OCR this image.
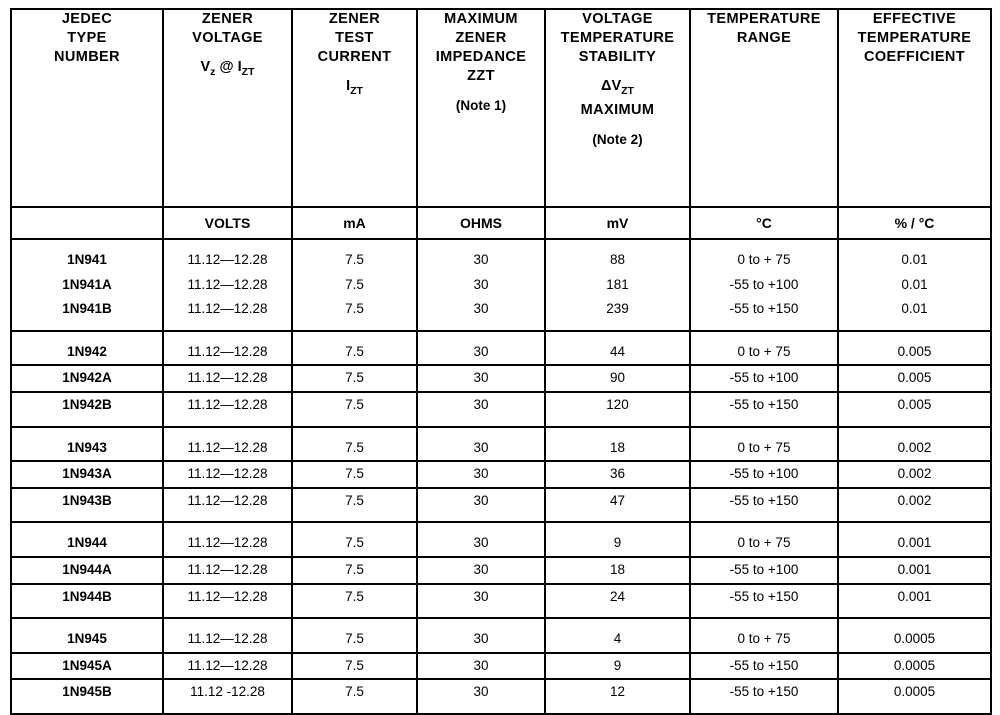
JEDEC
TYPE
NUMBER

ZENER
VOLTAGE
$V_z$ @ $I_{ZT}$

ZENER
TEST
CURRENT
$I_{ZT}$

MAXIMUM
ZENER
IMPEDANCE
ZZT
(Note 1)

VOLTAGE
TEMPERATURE
STABILITY
$\Delta V_{ZT}$
MAXIMUM
(Note 2)

TEMPERATURE
RANGE

EFFECTIVE
TEMPERATURE
COEFFICIENT

	VOLTS	mA	OHMS	mV	°C	% / °C
1N941	11.12—12.28	7.5	30	88	0 to + 75	0.01
1N941A	11.12—12.28	7.5	30	181	-55 to +100	0.01
1N941B	11.12—12.28	7.5	30	239	-55 to +150	0.01
1N942	11.12—12.28	7.5	30	44	0 to + 75	0.005
1N942A	11.12—12.28	7.5	30	90	-55 to +100	0.005
1N942B	11.12—12.28	7.5	30	120	-55 to +150	0.005
1N943	11.12—12.28	7.5	30	18	0 to + 75	0.002
1N943A	11.12—12.28	7.5	30	36	-55 to +100	0.002
1N943B	11.12—12.28	7.5	30	47	-55 to +150	0.002
1N944	11.12—12.28	7.5	30	9	0 to + 75	0.001
1N944A	11.12—12.28	7.5	30	18	-55 to +100	0.001
1N944B	11.12—12.28	7.5	30	24	-55 to +150	0.001
1N945	11.12—12.28	7.5	30	4	0 to + 75	0.0005
1N945A	11.12—12.28	7.5	30	9	-55 to +150	0.0005
1N945B	11.12 -12.28	7.5	30	12	-55 to +150	0.0005
